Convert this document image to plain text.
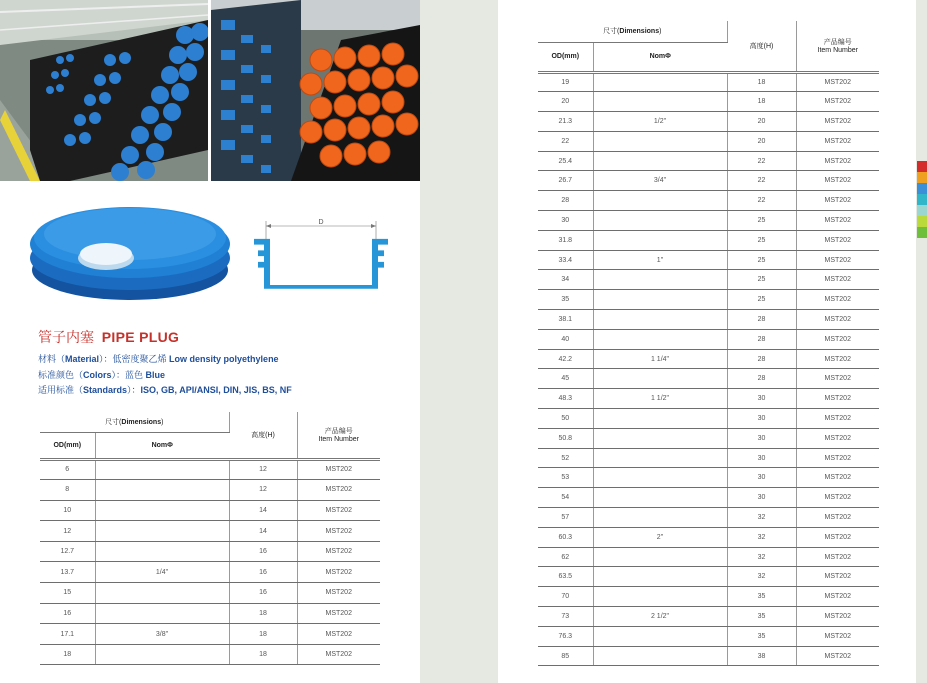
D
管子内塞 PIPE PLUG
材料（Material）：低密度聚乙烯 Low density polyethylene
标准颜色（Colors）：蓝色 Blue
适用标准（Standards）：ISO, GB, API/ANSI, DIN, JIS, BS, NF
尺寸(Dimensions)		高度(H)	产品编号
Item Number
OD(mm)	NomΦ		
6		12	MST202
8		12	MST202
10		14	MST202
12		14	MST202
12.7		16	MST202
13.7	1/4"	16	MST202
15		16	MST202
16		18	MST202
17.1	3/8"	18	MST202
18		18	MST202
尺寸(Dimensions)		高度(H)	产品编号
Item Number
OD(mm)	NomΦ		
19		18	MST202
20		18	MST202
21.3	1/2"	20	MST202
22		20	MST202
25.4		22	MST202
26.7	3/4"	22	MST202
28		22	MST202
30		25	MST202
31.8		25	MST202
33.4	1"	25	MST202
34		25	MST202
35		25	MST202
38.1		28	MST202
40		28	MST202
42.2	1 1/4"	28	MST202
45		28	MST202
48.3	1 1/2"	30	MST202
50		30	MST202
50.8		30	MST202
52		30	MST202
53		30	MST202
54		30	MST202
57		32	MST202
60.3	2"	32	MST202
62		32	MST202
63.5		32	MST202
70		35	MST202
73	2 1/2"	35	MST202
76.3		35	MST202
85		38	MST202
